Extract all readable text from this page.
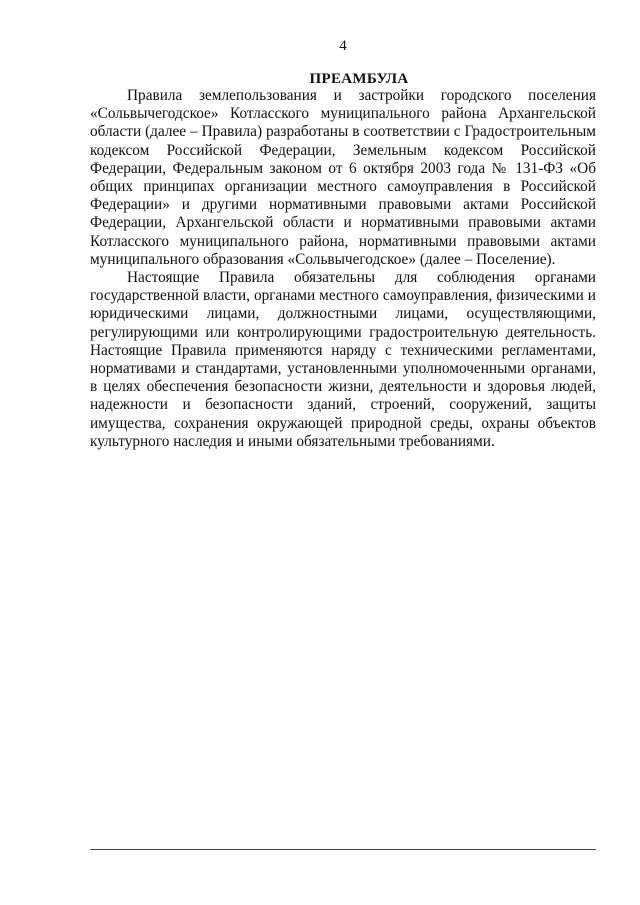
4
ПРЕАМБУЛА

Правила землепользования и застройки городского поселения «Сольвычегодское» Котласского муниципального района Архангельской области (далее – Правила) разработаны в соответствии с Градостроительным кодексом Российской Федерации, Земельным кодексом Российской Федерации, Федеральным законом от 6 октября 2003 года № 131-ФЗ «Об общих принципах организации местного самоуправления в Российской Федерации» и другими нормативными правовыми актами Российской Федерации, Архангельской области и нормативными правовыми актами Котласского муниципального района, нормативными правовыми актами муниципального образования «Сольвычегодское» (далее – Поселение).

Настоящие Правила обязательны для соблюдения органами государственной власти, органами местного самоуправления, физическими и юридическими лицами, должностными лицами, осуществляющими, регулирующими или контролирующими градостроительную деятельность. Настоящие Правила применяются наряду с техническими регламентами, нормативами и стандартами, установленными уполномоченными органами, в целях обеспечения безопасности жизни, деятельности и здоровья людей, надежности и безопасности зданий, строений, сооружений, защиты имущества, сохранения окружающей природной среды, охраны объектов культурного наследия и иными обязательными требованиями.
